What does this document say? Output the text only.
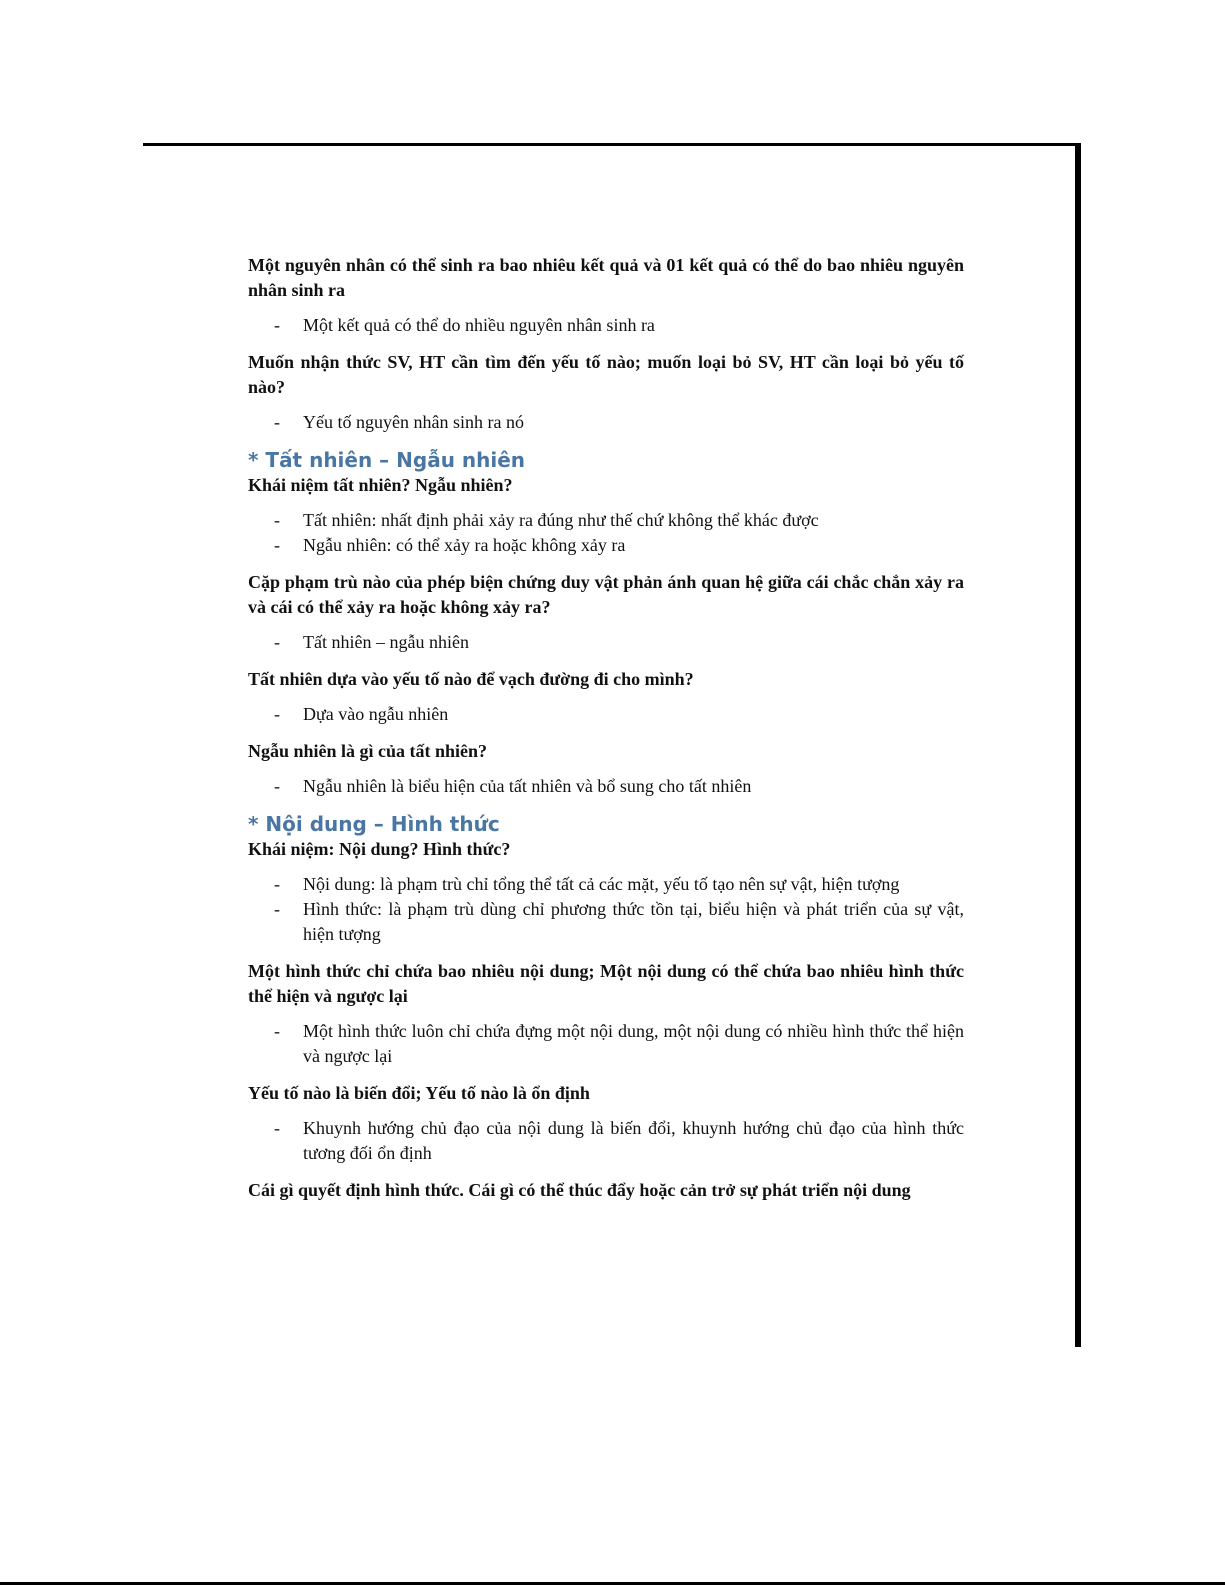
Một nguyên nhân có thể sinh ra bao nhiêu kết quả và 01 kết quả có thể do bao nhiêu nguyên nhân sinh ra

- Một kết quả có thể do nhiều nguyên nhân sinh ra

Muốn nhận thức SV, HT cần tìm đến yếu tố nào; muốn loại bỏ SV, HT cần loại bỏ yếu tố nào?

- Yếu tố nguyên nhân sinh ra nó
* Tất nhiên – Ngẫu nhiên

Khái niệm tất nhiên? Ngẫu nhiên?

- Tất nhiên: nhất định phải xảy ra đúng như thế chứ không thể khác được
- Ngẫu nhiên: có thể xảy ra hoặc không xảy ra

Cặp phạm trù nào của phép biện chứng duy vật phản ánh quan hệ giữa cái chắc chắn xảy ra và cái có thể xảy ra hoặc không xảy ra?

- Tất nhiên – ngẫu nhiên

Tất nhiên dựa vào yếu tố nào để vạch đường đi cho mình?

- Dựa vào ngẫu nhiên

Ngẫu nhiên là gì của tất nhiên?

- Ngẫu nhiên là biểu hiện của tất nhiên và bổ sung cho tất nhiên
* Nội dung – Hình thức

Khái niệm: Nội dung? Hình thức?

- Nội dung: là phạm trù chỉ tổng thể tất cả các mặt, yếu tố tạo nên sự vật, hiện tượng
- Hình thức: là phạm trù dùng chỉ phương thức tồn tại, biểu hiện và phát triển của sự vật, hiện tượng

Một hình thức chỉ chứa bao nhiêu nội dung; Một nội dung có thể chứa bao nhiêu hình thức thể hiện và ngược lại

- Một hình thức luôn chỉ chứa đựng một nội dung, một nội dung có nhiều hình thức thể hiện và ngược lại

Yếu tố nào là biến đổi; Yếu tố nào là ổn định

- Khuynh hướng chủ đạo của nội dung là biến đổi, khuynh hướng chủ đạo của hình thức tương đối ổn định

Cái gì quyết định hình thức. Cái gì có thể thúc đẩy hoặc cản trở sự phát triển nội dung
